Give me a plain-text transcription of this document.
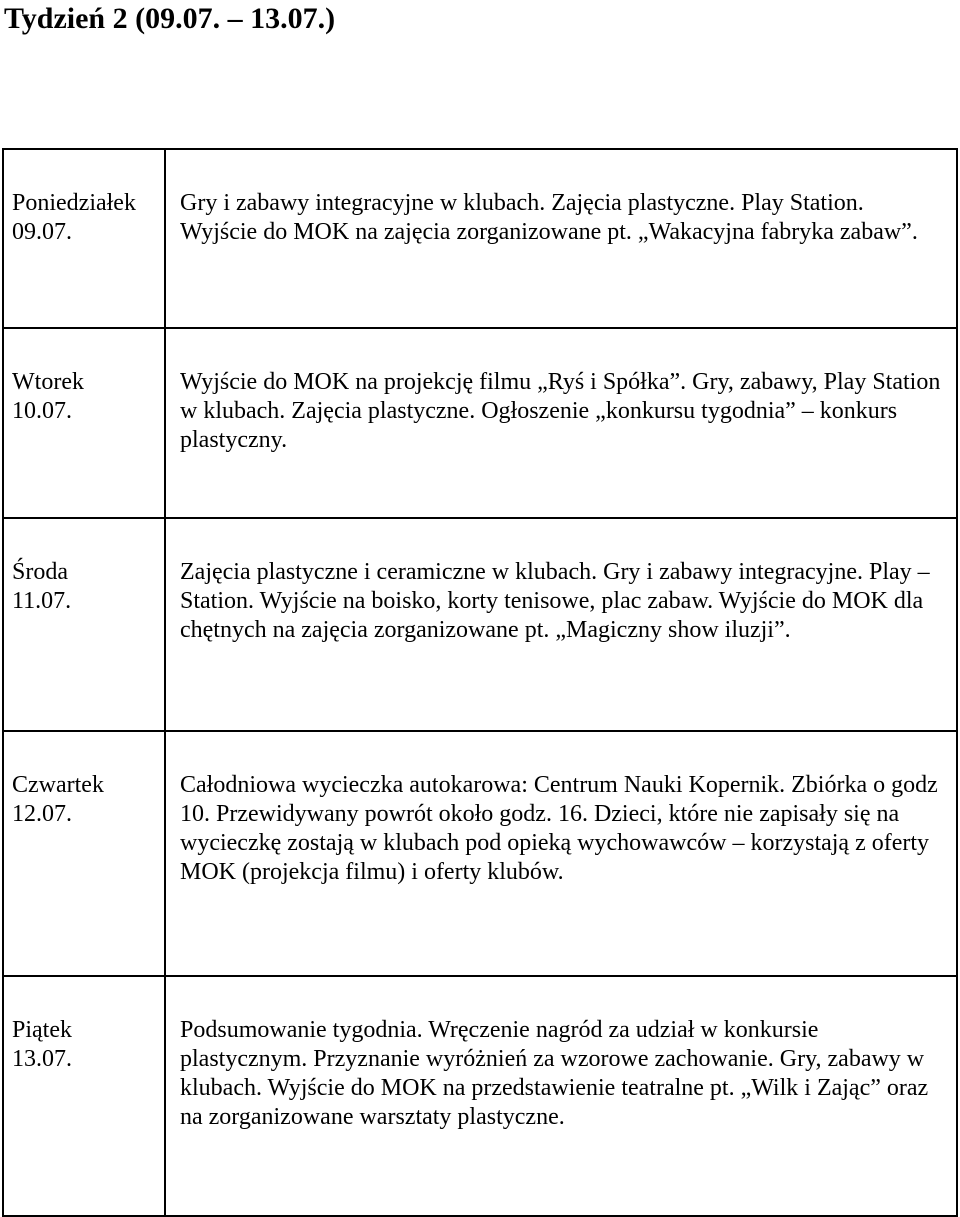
Tydzień 2 (09.07. – 13.07.)
Poniedziałek
09.07.	Gry i zabawy integracyjne w klubach. Zajęcia plastyczne. Play Station. Wyjście do MOK na zajęcia zorganizowane pt. „Wakacyjna fabryka zabaw”.

Wtorek
10.07.	Wyjście do MOK na projekcję filmu „Ryś i Spółka”. Gry, zabawy, Play Station w klubach. Zajęcia plastyczne. Ogłoszenie „konkursu tygodnia” – konkurs plastyczny.

Środa
11.07.	Zajęcia plastyczne i ceramiczne w klubach. Gry i zabawy integracyjne. Play – Station. Wyjście na boisko, korty tenisowe, plac zabaw. Wyjście do MOK dla chętnych na zajęcia zorganizowane pt. „Magiczny show iluzji”.

Czwartek
12.07.	Całodniowa wycieczka autokarowa: Centrum Nauki Kopernik. Zbiórka o godz 10. Przewidywany powrót około godz. 16. Dzieci, które nie zapisały się na wycieczkę zostają w klubach pod opieką wychowawców – korzystają z oferty MOK (projekcja filmu) i oferty klubów.

Piątek
13.07.	Podsumowanie tygodnia. Wręczenie nagród za udział w konkursie plastycznym. Przyznanie wyróżnień za wzorowe zachowanie. Gry, zabawy w klubach. Wyjście do MOK na przedstawienie teatralne pt. „Wilk i Zając” oraz na zorganizowane warsztaty plastyczne.
